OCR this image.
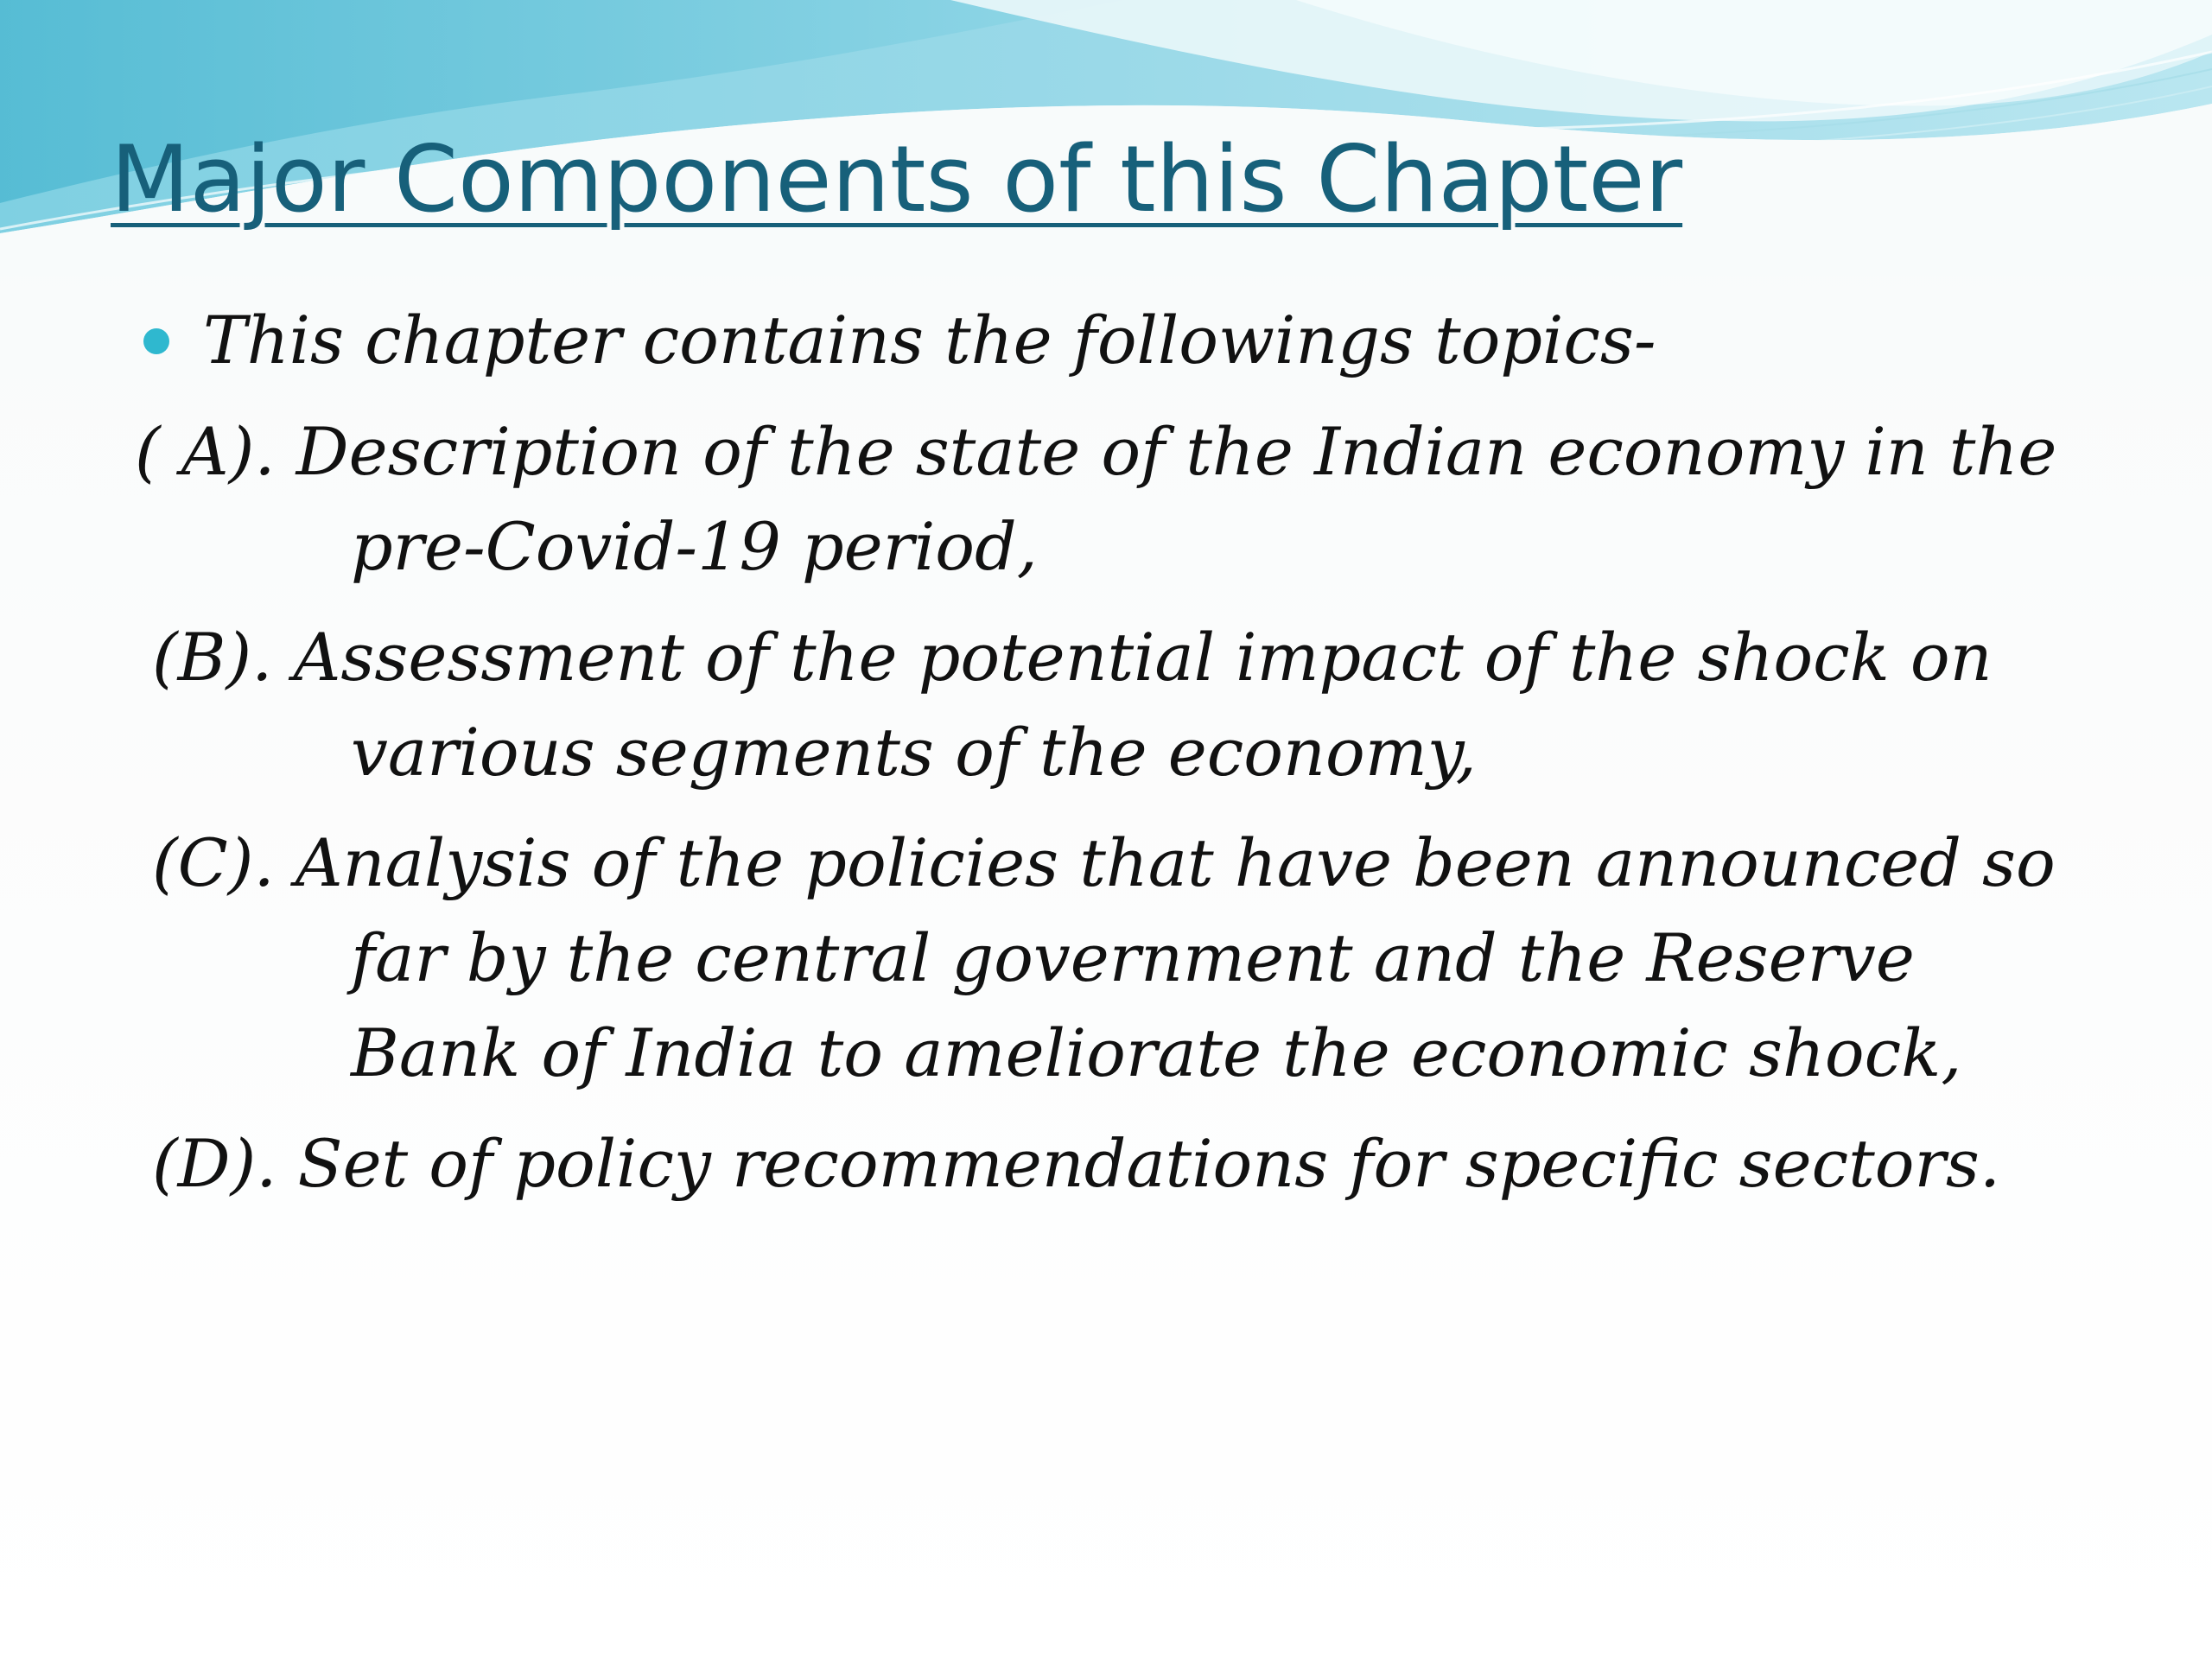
Major Components of this Chapter
This chapter contains the followings topics-
( A). Description of the state of the Indian economy in the
pre-Covid-19 period,
(B). Assessment of the potential impact of the shock on
various segments of the economy,
(C). Analysis of the policies that have been announced so
far by the central government and the Reserve
Bank of India to ameliorate the economic shock,
(D). Set of policy recommendations for specific sectors.
